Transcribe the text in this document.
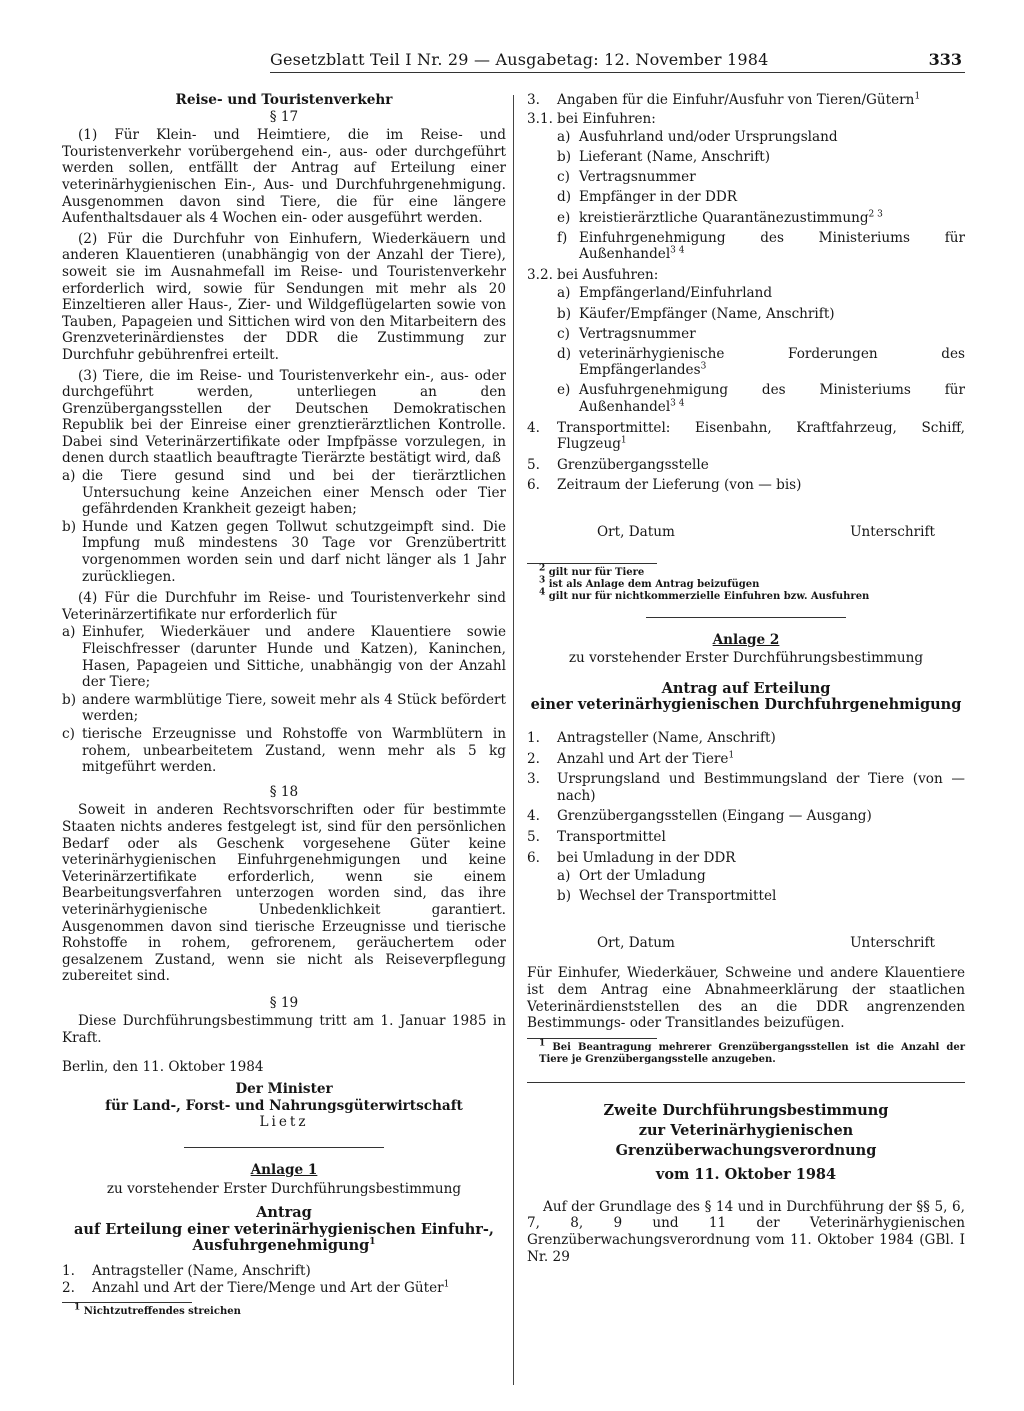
Gesetzblatt Teil I Nr. 29 — Ausgabetag: 12. November 1984	333

Reise- und Touristenverkehr

§ 17

(1) Für Klein- und Heimtiere, die im Reise- und Touristenverkehr vorübergehend ein-, aus- oder durchgeführt werden sollen, entfällt der Antrag auf Erteilung einer veterinärhygienischen Ein-, Aus- und Durchfuhrgenehmigung. Ausgenommen davon sind Tiere, die für eine längere Aufenthaltsdauer als 4 Wochen ein- oder ausgeführt werden.

(2) Für die Durchfuhr von Einhufern, Wiederkäuern und anderen Klauentieren (unabhängig von der Anzahl der Tiere), soweit sie im Ausnahmefall im Reise- und Touristenverkehr erforderlich wird, sowie für Sendungen mit mehr als 20 Einzeltieren aller Haus-, Zier- und Wildgeflügelarten sowie von Tauben, Papageien und Sittichen wird von den Mitarbeitern des Grenzveterinärdienstes der DDR die Zustimmung zur Durchfuhr gebührenfrei erteilt.

(3) Tiere, die im Reise- und Touristenverkehr ein-, aus- oder durchgeführt werden, unterliegen an den Grenzübergangsstellen der Deutschen Demokratischen Republik bei der Einreise einer grenztierärztlichen Kontrolle. Dabei sind Veterinärzertifikate oder Impfpässe vorzulegen, in denen durch staatlich beauftragte Tierärzte bestätigt wird, daß

a) die Tiere gesund sind und bei der tierärztlichen Untersuchung keine Anzeichen einer Mensch oder Tier gefährdenden Krankheit gezeigt haben;
b) Hunde und Katzen gegen Tollwut schutzgeimpft sind. Die Impfung muß mindestens 30 Tage vor Grenzübertritt vorgenommen worden sein und darf nicht länger als 1 Jahr zurückliegen.

(4) Für die Durchfuhr im Reise- und Touristenverkehr sind Veterinärzertifikate nur erforderlich für

a) Einhufer, Wiederkäuer und andere Klauentiere sowie Fleischfresser (darunter Hunde und Katzen), Kaninchen, Hasen, Papageien und Sittiche, unabhängig von der Anzahl der Tiere;
b) andere warmblütige Tiere, soweit mehr als 4 Stück befördert werden;
c) tierische Erzeugnisse und Rohstoffe von Warmblütern in rohem, unbearbeitetem Zustand, wenn mehr als 5 kg mitgeführt werden.

§ 18

Soweit in anderen Rechtsvorschriften oder für bestimmte Staaten nichts anderes festgelegt ist, sind für den persönlichen Bedarf oder als Geschenk vorgesehene Güter keine veterinärhygienischen Einfuhrgenehmigungen und keine Veterinärzertifikate erforderlich, wenn sie einem Bearbeitungsverfahren unterzogen worden sind, das ihre veterinärhygienische Unbedenklichkeit garantiert. Ausgenommen davon sind tierische Erzeugnisse und tierische Rohstoffe in rohem, gefrorenem, geräuchertem oder gesalzenem Zustand, wenn sie nicht als Reiseverpflegung zubereitet sind.

§ 19

Diese Durchführungsbestimmung tritt am 1. Januar 1985 in Kraft.

Berlin, den 11. Oktober 1984

Der Minister

für Land-, Forst- und Nahrungsgüterwirtschaft

Lietz

Anlage 1

zu vorstehender Erster Durchführungsbestimmung

Antrag

auf Erteilung einer veterinärhygienischen Einfuhr-,

Ausfuhrgenehmigung$^1$

1.	Antragsteller (Name, Anschrift)
2.	Anzahl und Art der Tiere/Menge und Art der Güter$^1$

$^1$ Nichtzutreffendes streichen

3.	Angaben für die Einfuhr/Ausfuhr von Tieren/Gütern$^1$
3.1. bei Einfuhren:
a) Ausfuhrland und/oder Ursprungsland
b) Lieferant (Name, Anschrift)
c) Vertragsnummer
d) Empfänger in der DDR
e) kreistierärztliche Quarantänezustimmung$^{2 3}$
f) Einfuhrgenehmigung des Ministeriums für Außenhandel$^{3 4}$
3.2. bei Ausfuhren:
a) Empfängerland/Einfuhrland
b) Käufer/Empfänger (Name, Anschrift)
c) Vertragsnummer
d) veterinärhygienische Forderungen des Empfängerlandes$^3$
e) Ausfuhrgenehmigung des Ministeriums für Außenhandel$^{3 4}$
4.	Transportmittel: Eisenbahn, Kraftfahrzeug, Schiff, Flugzeug$^1$
5.	Grenzübergangsstelle
6.	Zeitraum der Lieferung (von — bis)
Ort, Datum	Unterschrift

$^2$ gilt nur für Tiere

$^3$ ist als Anlage dem Antrag beizufügen

$^4$ gilt nur für nichtkommerzielle Einfuhren bzw. Ausfuhren

Anlage 2

zu vorstehender Erster Durchführungsbestimmung

Antrag auf Erteilung

einer veterinärhygienischen Durchfuhrgenehmigung

1.	Antragsteller (Name, Anschrift)
2.	Anzahl und Art der Tiere$^1$
3.	Ursprungsland und Bestimmungsland der Tiere (von — nach)
4.	Grenzübergangsstellen (Eingang — Ausgang)
5.	Transportmittel
6.	bei Umladung in der DDR
a) Ort der Umladung
b) Wechsel der Transportmittel
Ort, Datum	Unterschrift

Für Einhufer, Wiederkäuer, Schweine und andere Klauentiere ist dem Antrag eine Abnahmeerklärung der staatlichen Veterinärdienststellen des an die DDR angrenzenden Bestimmungs- oder Transitlandes beizufügen.

$^1$ Bei Beantragung mehrerer Grenzübergangsstellen ist die Anzahl der Tiere je Grenzübergangsstelle anzugeben.

Zweite Durchführungsbestimmung

zur Veterinärhygienischen

Grenzüberwachungsverordnung

vom 11. Oktober 1984

Auf der Grundlage des § 14 und in Durchführung der §§ 5, 6, 7, 8, 9 und 11 der Veterinärhygienischen Grenzüberwachungsverordnung vom 11. Oktober 1984 (GBl. I Nr. 29
